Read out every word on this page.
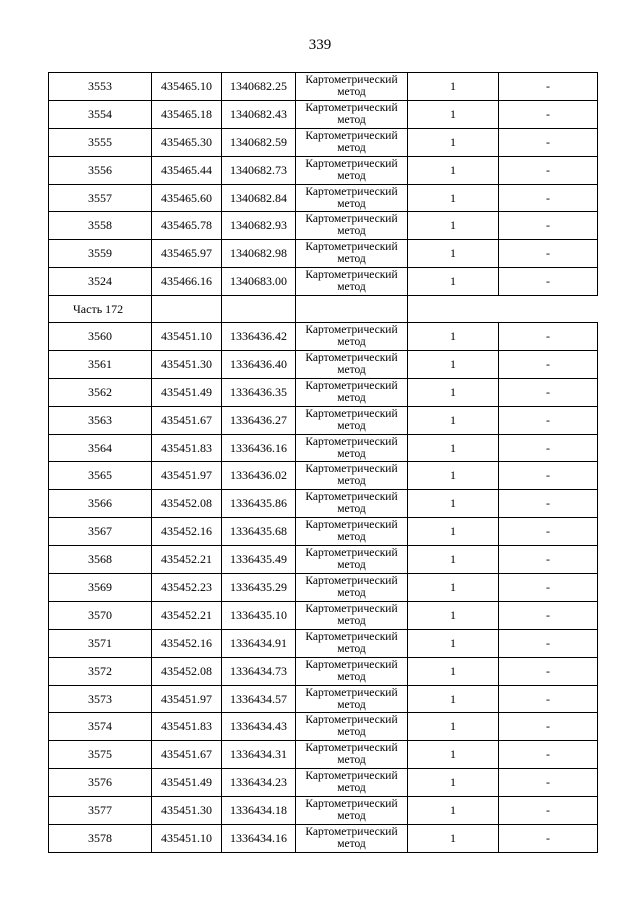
339
3553	435465.10	1340682.25	Картометрический метод	1	-
3554	435465.18	1340682.43	Картометрический метод	1	-
3555	435465.30	1340682.59	Картометрический метод	1	-
3556	435465.44	1340682.73	Картометрический метод	1	-
3557	435465.60	1340682.84	Картометрический метод	1	-
3558	435465.78	1340682.93	Картометрический метод	1	-
3559	435465.97	1340682.98	Картометрический метод	1	-
3524	435466.16	1340683.00	Картометрический метод	1	-
Часть 172					
3560	435451.10	1336436.42	Картометрический метод	1	-
3561	435451.30	1336436.40	Картометрический метод	1	-
3562	435451.49	1336436.35	Картометрический метод	1	-
3563	435451.67	1336436.27	Картометрический метод	1	-
3564	435451.83	1336436.16	Картометрический метод	1	-
3565	435451.97	1336436.02	Картометрический метод	1	-
3566	435452.08	1336435.86	Картометрический метод	1	-
3567	435452.16	1336435.68	Картометрический метод	1	-
3568	435452.21	1336435.49	Картометрический метод	1	-
3569	435452.23	1336435.29	Картометрический метод	1	-
3570	435452.21	1336435.10	Картометрический метод	1	-
3571	435452.16	1336434.91	Картометрический метод	1	-
3572	435452.08	1336434.73	Картометрический метод	1	-
3573	435451.97	1336434.57	Картометрический метод	1	-
3574	435451.83	1336434.43	Картометрический метод	1	-
3575	435451.67	1336434.31	Картометрический метод	1	-
3576	435451.49	1336434.23	Картометрический метод	1	-
3577	435451.30	1336434.18	Картометрический метод	1	-
3578	435451.10	1336434.16	Картометрический метод	1	-
